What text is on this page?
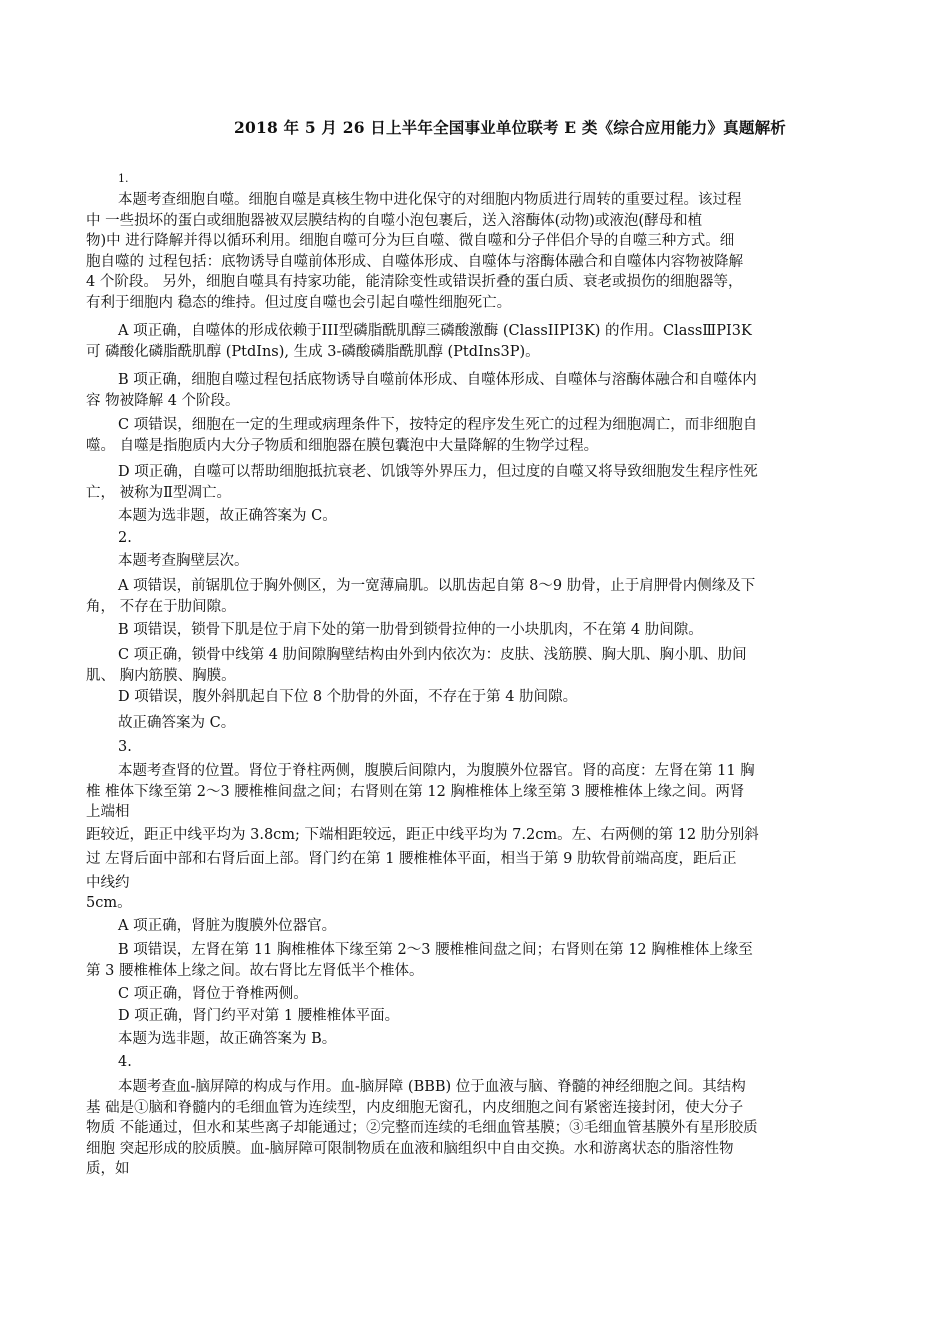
2018 年 5 月 26 日上半年全国事业单位联考 E 类《综合应用能力》真题解析
1.
本题考查细胞自噬。细胞自噬是真核生物中进化保守的对细胞内物质进行周转的重要过程。该过程
中 一些损坏的蛋白或细胞器被双层膜结构的自噬小泡包裹后，送入溶酶体(动物)或液泡(酵母和植
物)中 进行降解并得以循环利用。细胞自噬可分为巨自噬、微自噬和分子伴侣介导的自噬三种方式。细
胞自噬的 过程包括：底物诱导自噬前体形成、自噬体形成、自噬体与溶酶体融合和自噬体内容物被降解
4 个阶段。 另外，细胞自噬具有持家功能，能清除变性或错误折叠的蛋白质、衰老或损伤的细胞器等，
有利于细胞内 稳态的维持。但过度自噬也会引起自噬性细胞死亡。
A 项正确，自噬体的形成依赖于III型磷脂酰肌醇三磷酸激酶 (ClassIIPI3K) 的作用。ClassⅢPI3K
可 磷酸化磷脂酰肌醇 (PtdIns), 生成 3-磷酸磷脂酰肌醇 (PtdIns3P)。
B 项正确，细胞自噬过程包括底物诱导自噬前体形成、自噬体形成、自噬体与溶酶体融合和自噬体内
容 物被降解 4 个阶段。
C 项错误，细胞在一定的生理或病理条件下，按特定的程序发生死亡的过程为细胞凋亡，而非细胞自
噬。 自噬是指胞质内大分子物质和细胞器在膜包囊泡中大量降解的生物学过程。
D 项正确，自噬可以帮助细胞抵抗衰老、饥饿等外界压力，但过度的自噬又将导致细胞发生程序性死
亡， 被称为Ⅱ型凋亡。
本题为选非题，故正确答案为 C。
2.
本题考查胸壁层次。
A 项错误，前锯肌位于胸外侧区，为一宽薄扁肌。以肌齿起自第 8～9 肋骨，止于肩胛骨内侧缘及下
角， 不存在于肋间隙。
B 项错误，锁骨下肌是位于肩下处的第一肋骨到锁骨拉伸的一小块肌肉，不在第 4 肋间隙。
C 项正确，锁骨中线第 4 肋间隙胸壁结构由外到内依次为：皮肤、浅筋膜、胸大肌、胸小肌、肋间
肌、 胸内筋膜、胸膜。
D 项错误，腹外斜肌起自下位 8 个肋骨的外面，不存在于第 4 肋间隙。
故正确答案为 C。
3.
本题考查肾的位置。肾位于脊柱两侧，腹膜后间隙内，为腹膜外位器官。肾的高度：左肾在第 11 胸
椎 椎体下缘至第 2～3 腰椎椎间盘之间；右肾则在第 12 胸椎椎体上缘至第 3 腰椎椎体上缘之间。两肾
上端相
距较近，距正中线平均为 3.8cm; 下端相距较远，距正中线平均为 7.2cm。左、右两侧的第 12 肋分别斜
过 左肾后面中部和右肾后面上部。肾门约在第 1 腰椎椎体平面，相当于第 9 肋软骨前端高度，距后正
中线约
5cm。
A 项正确，肾脏为腹膜外位器官。
B 项错误，左肾在第 11 胸椎椎体下缘至第 2～3 腰椎椎间盘之间；右肾则在第 12 胸椎椎体上缘至
第 3 腰椎椎体上缘之间。故右肾比左肾低半个椎体。
C 项正确，肾位于脊椎两侧。
D 项正确，肾门约平对第 1 腰椎椎体平面。
本题为选非题，故正确答案为 B。
4.
本题考查血-脑屏障的构成与作用。血-脑屏障 (BBB) 位于血液与脑、脊髓的神经细胞之间。其结构
基 础是①脑和脊髓内的毛细血管为连续型，内皮细胞无窗孔，内皮细胞之间有紧密连接封闭，使大分子
物质 不能通过，但水和某些离子却能通过；②完整而连续的毛细血管基膜；③毛细血管基膜外有星形胶质
细胞 突起形成的胶质膜。血-脑屏障可限制物质在血液和脑组织中自由交换。水和游离状态的脂溶性物
质，如
